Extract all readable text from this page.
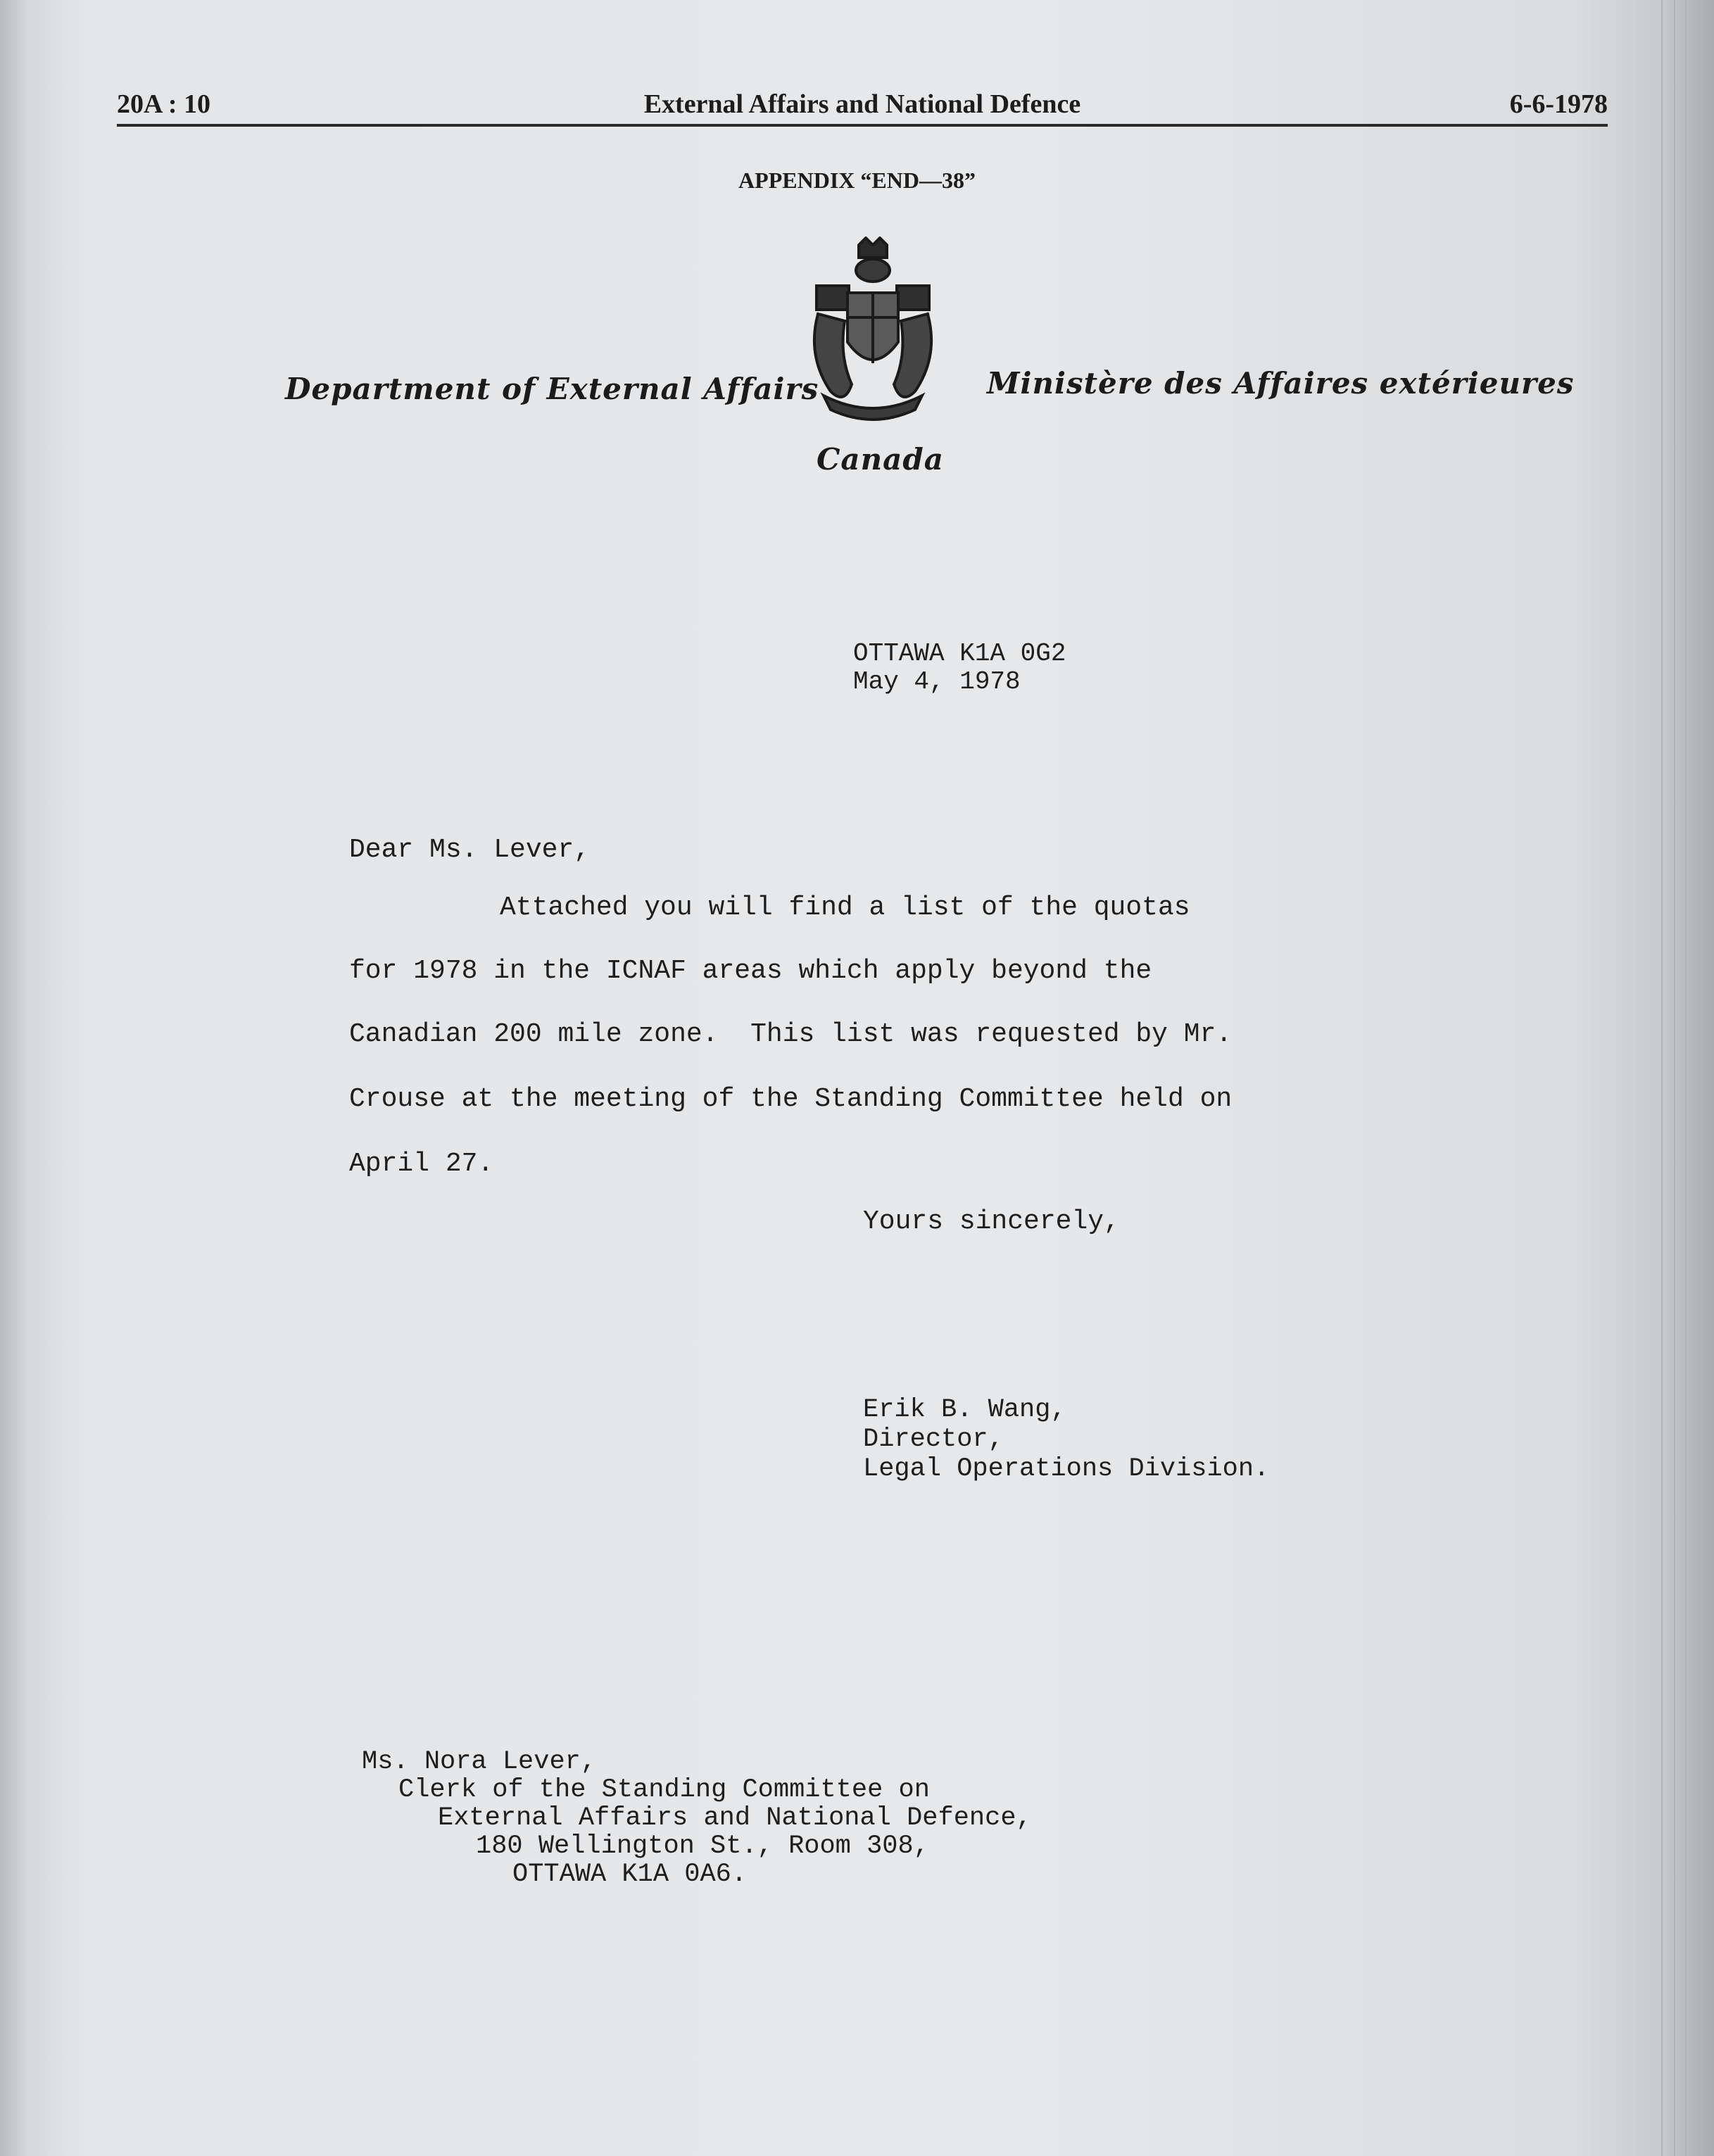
20A : 10	External Affairs and National Defence	6-6-1978
APPENDIX “END—38”
Department of External Affairs	Ministère des Affaires extérieures
Canada
OTTAWA K1A 0G2
May 4, 1978
Dear Ms. Lever,
Attached you will find a list of the quotas
for 1978 in the ICNAF areas which apply beyond the
Canadian 200 mile zone.  This list was requested by Mr.
Crouse at the meeting of the Standing Committee held on
April 27.
Yours sincerely,
Erik B. Wang,
Director,
Legal Operations Division.
Ms. Nora Lever,
Clerk of the Standing Committee on
External Affairs and National Defence,
180 Wellington St., Room 308,
OTTAWA K1A 0A6.
